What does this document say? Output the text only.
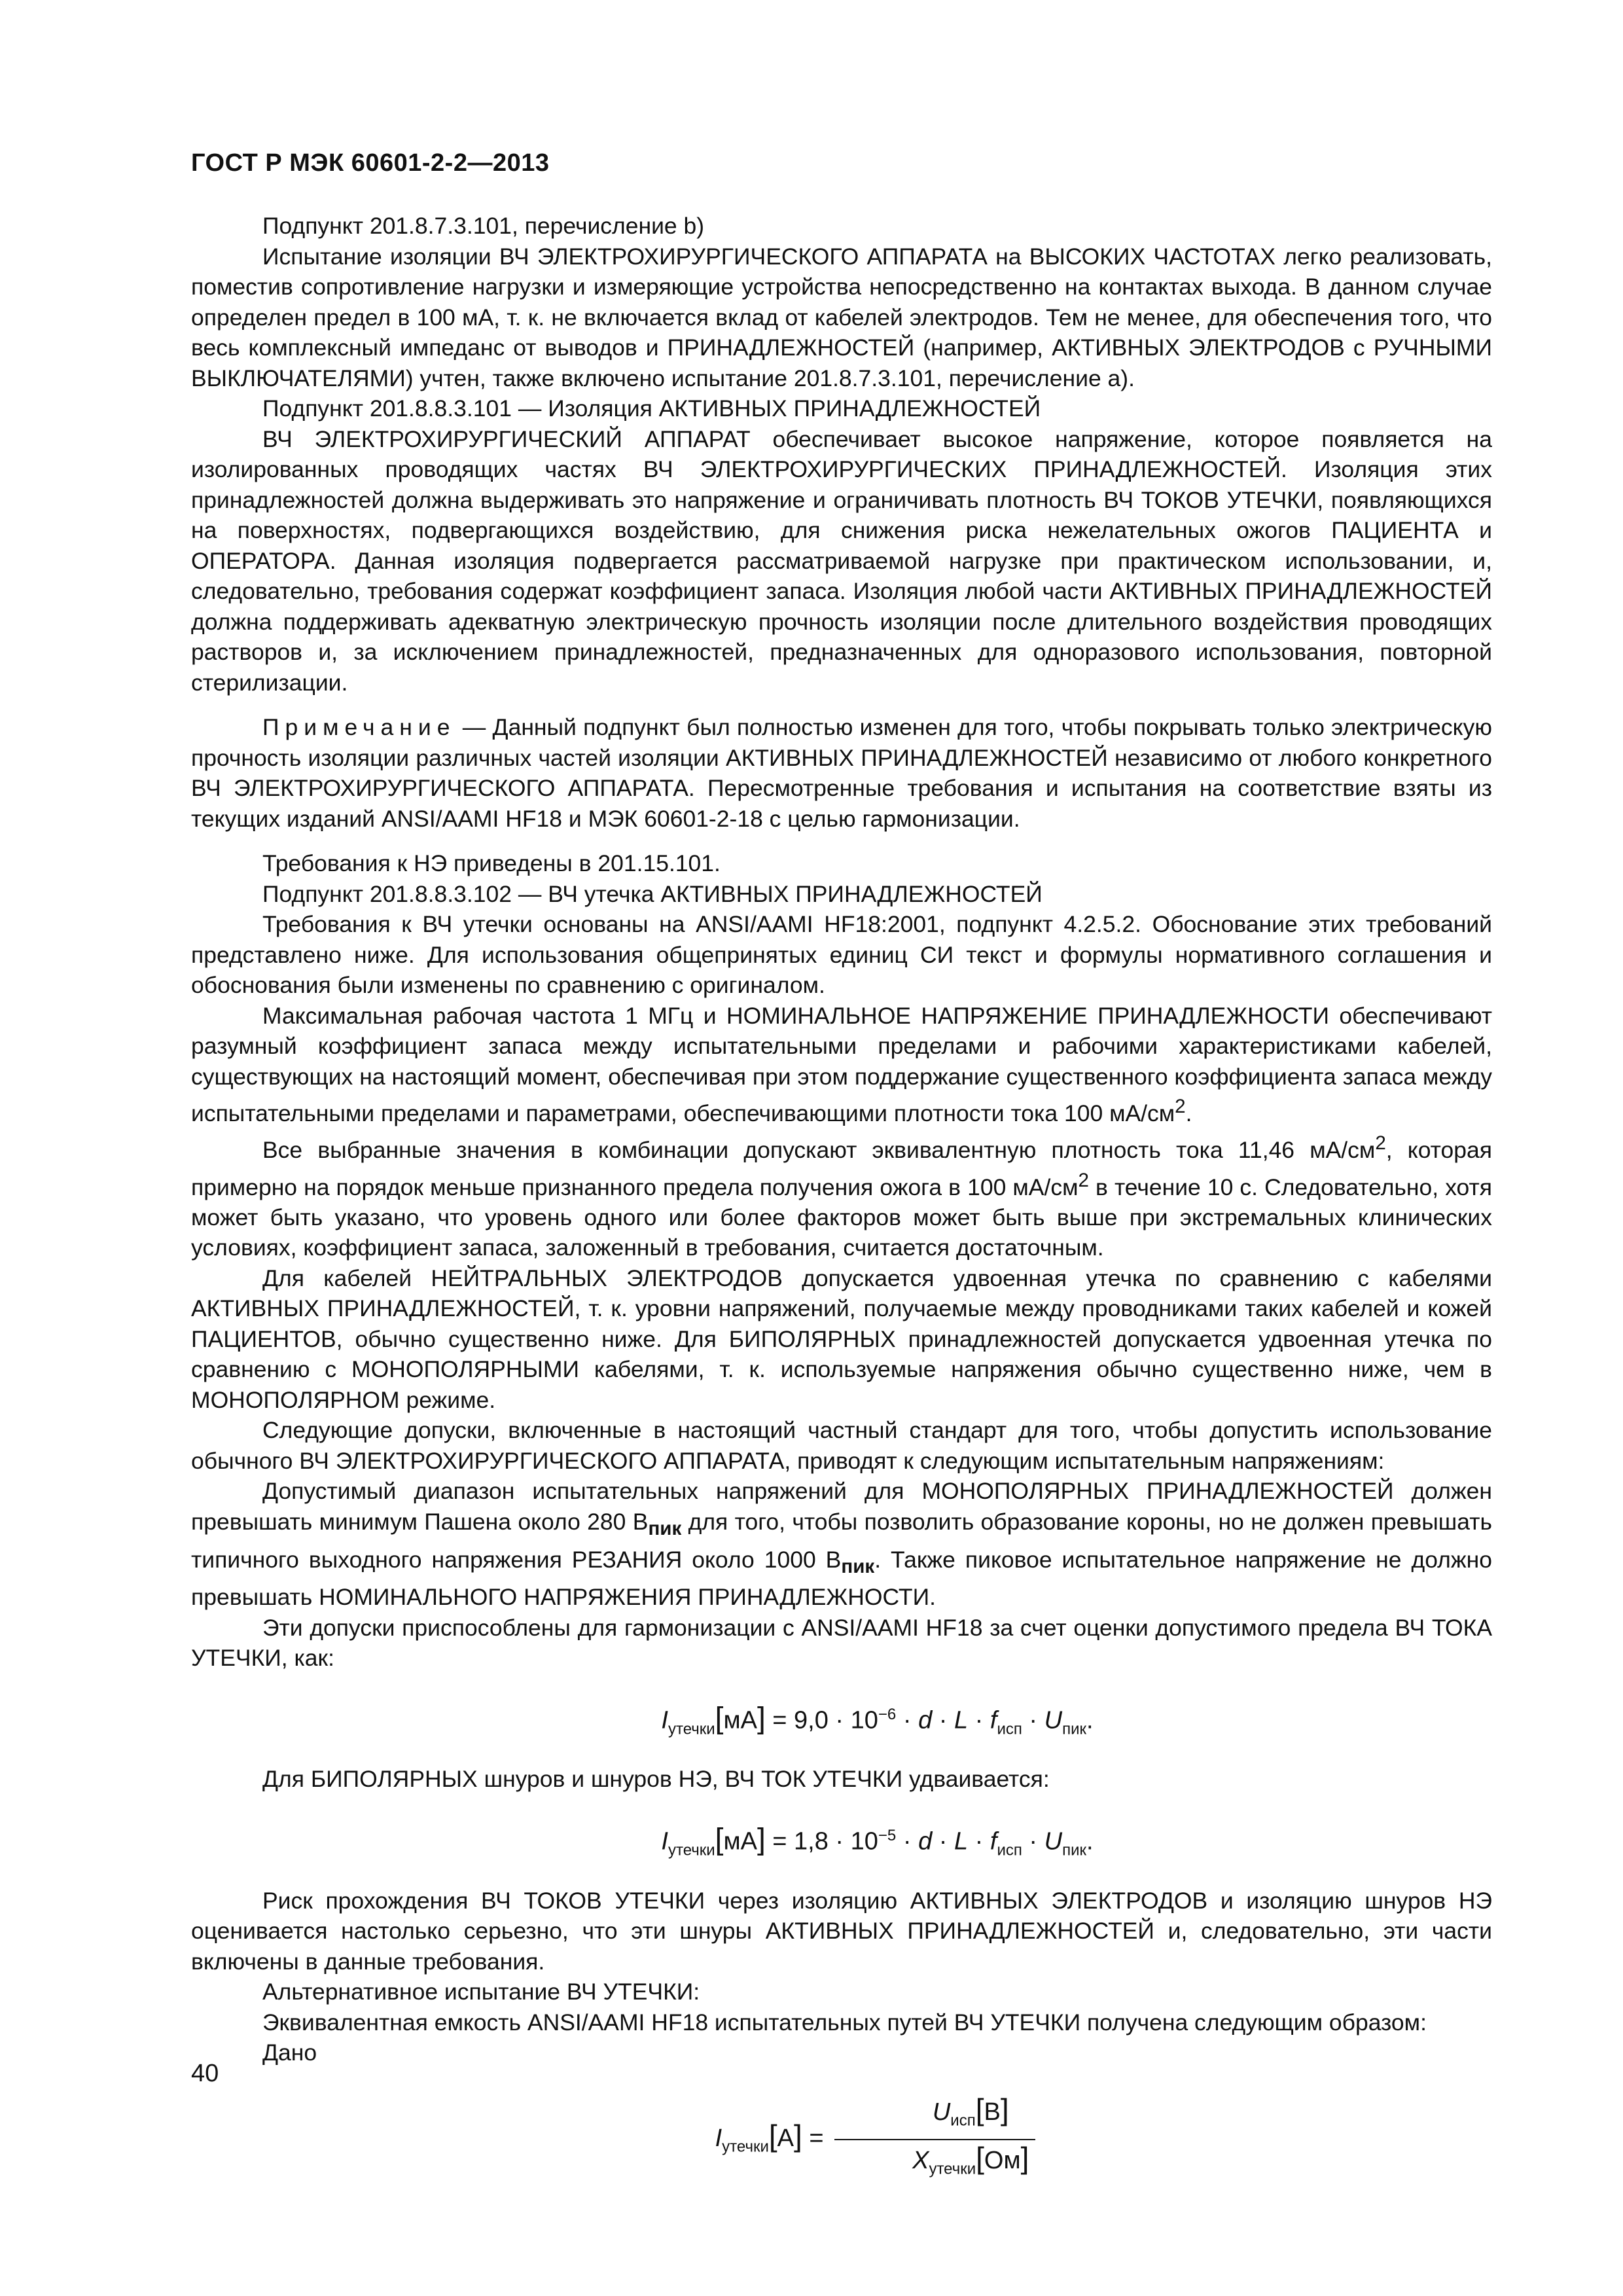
ГОСТ Р МЭК 60601-2-2—2013

Подпункт 201.8.7.3.101, перечисление b)

Испытание изоляции ВЧ ЭЛЕКТРОХИРУРГИЧЕСКОГО АППАРАТА на ВЫСОКИХ ЧАСТОТАХ легко реализовать, поместив сопротивление нагрузки и измеряющие устройства непосредственно на контактах выхода. В данном случае определен предел в 100 мА, т. к. не включается вклад от кабелей электродов. Тем не менее, для обеспечения того, что весь комплексный импеданс от выводов и ПРИНАДЛЕЖНОСТЕЙ (например, АКТИВНЫХ ЭЛЕКТРОДОВ с РУЧНЫМИ ВЫКЛЮЧАТЕЛЯМИ) учтен, также включено испытание 201.8.7.3.101, перечисление a).

Подпункт 201.8.8.3.101 — Изоляция АКТИВНЫХ ПРИНАДЛЕЖНОСТЕЙ

ВЧ ЭЛЕКТРОХИРУРГИЧЕСКИЙ АППАРАТ обеспечивает высокое напряжение, которое появляется на изолированных проводящих частях ВЧ ЭЛЕКТРОХИРУРГИЧЕСКИХ ПРИНАДЛЕЖНОСТЕЙ. Изоляция этих принадлежностей должна выдерживать это напряжение и ограничивать плотность ВЧ ТОКОВ УТЕЧКИ, появляющихся на поверхностях, подвергающихся воздействию, для снижения риска нежелательных ожогов ПАЦИЕНТА и ОПЕРАТОРА. Данная изоляция подвергается рассматриваемой нагрузке при практическом использовании, и, следовательно, требования содержат коэффициент запаса. Изоляция любой части АКТИВНЫХ ПРИНАДЛЕЖНОСТЕЙ должна поддерживать адекватную электрическую прочность изоляции после длительного воздействия проводящих растворов и, за исключением принадлежностей, предназначенных для одноразового использования, повторной стерилизации.

Примечание — Данный подпункт был полностью изменен для того, чтобы покрывать только электрическую прочность изоляции различных частей изоляции АКТИВНЫХ ПРИНАДЛЕЖНОСТЕЙ независимо от любого конкретного ВЧ ЭЛЕКТРОХИРУРГИЧЕСКОГО АППАРАТА. Пересмотренные требования и испытания на соответствие взяты из текущих изданий ANSI/AAMI HF18 и МЭК 60601-2-18 с целью гармонизации.

Требования к НЭ приведены в 201.15.101.

Подпункт 201.8.8.3.102 — ВЧ утечка АКТИВНЫХ ПРИНАДЛЕЖНОСТЕЙ

Требования к ВЧ утечки основаны на ANSI/AAMI HF18:2001, подпункт 4.2.5.2. Обоснование этих требований представлено ниже. Для использования общепринятых единиц СИ текст и формулы нормативного соглашения и обоснования были изменены по сравнению с оригиналом.

Максимальная рабочая частота 1 МГц и НОМИНАЛЬНОЕ НАПРЯЖЕНИЕ ПРИНАДЛЕЖНОСТИ обеспечивают разумный коэффициент запаса между испытательными пределами и рабочими характеристиками кабелей, существующих на настоящий момент, обеспечивая при этом поддержание существенного коэффициента запаса между испытательными пределами и параметрами, обеспечивающими плотности тока 100 $мА/см^2$.

Все выбранные значения в комбинации допускают эквивалентную плотность тока 11,46 $мА/см^2$, которая примерно на порядок меньше признанного предела получения ожога в 100 $мА/см^2$ в течение 10 с. Следовательно, хотя может быть указано, что уровень одного или более факторов может быть выше при экстремальных клинических условиях, коэффициент запаса, заложенный в требования, считается достаточным.

Для кабелей НЕЙТРАЛЬНЫХ ЭЛЕКТРОДОВ допускается удвоенная утечка по сравнению с кабелями АКТИВНЫХ ПРИНАДЛЕЖНОСТЕЙ, т. к. уровни напряжений, получаемые между проводниками таких кабелей и кожей ПАЦИЕНТОВ, обычно существенно ниже. Для БИПОЛЯРНЫХ принадлежностей допускается удвоенная утечка по сравнению с МОНОПОЛЯРНЫМИ кабелями, т. к. используемые напряжения обычно существенно ниже, чем в МОНОПОЛЯРНОМ режиме.

Следующие допуски, включенные в настоящий частный стандарт для того, чтобы допустить использование обычного ВЧ ЭЛЕКТРОХИРУРГИЧЕСКОГО АППАРАТА, приводят к следующим испытательным напряжениям:

Допустимый диапазон испытательных напряжений для МОНОПОЛЯРНЫХ ПРИНАДЛЕЖНОСТЕЙ должен превышать минимум Пашена около 280 $В_{пик}$ для того, чтобы позволить образование короны, но не должен превышать типичного выходного напряжения РЕЗАНИЯ около 1000 $В_{пик}$. Также пиковое испытательное напряжение не должно превышать НОМИНАЛЬНОГО НАПРЯЖЕНИЯ ПРИНАДЛЕЖНОСТИ.

Эти допуски приспособлены для гармонизации с ANSI/AAMI HF18 за счет оценки допустимого предела ВЧ ТОКА УТЕЧКИ, как:

$I_{утечки}[мА] = 9,0 \cdot 10^{-6} \cdot d \cdot L \cdot f_{исп} \cdot U_{пик}$.

Для БИПОЛЯРНЫХ шнуров и шнуров НЭ, ВЧ ТОК УТЕЧКИ удваивается:

$I_{утечки}[мА] = 1,8 \cdot 10^{-5} \cdot d \cdot L \cdot f_{исп} \cdot U_{пик}$.

Риск прохождения ВЧ ТОКОВ УТЕЧКИ через изоляцию АКТИВНЫХ ЭЛЕКТРОДОВ и изоляцию шнуров НЭ оценивается настолько серьезно, что эти шнуры АКТИВНЫХ ПРИНАДЛЕЖНОСТЕЙ и, следовательно, эти части включены в данные требования.

Альтернативное испытание ВЧ УТЕЧКИ:

Эквивалентная емкость ANSI/AAMI HF18 испытательных путей ВЧ УТЕЧКИ получена следующим образом:

Дано

$I_{утечки}[А] = \frac{U_{исп}[В]}{X_{утечки}[Ом]}$

40
